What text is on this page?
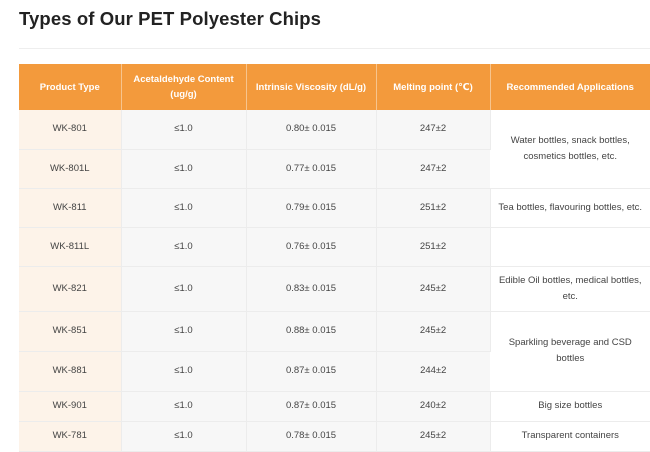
Types of Our PET Polyester Chips
Product Type	Acetaldehyde Content (ug/g)	Intrinsic Viscosity (dL/g)	Melting point (℃)	Recommended Applications
WK-801	≤1.0	0.80± 0.015	247±2	Water bottles, snack bottles, cosmetics bottles, etc.
WK-801L	≤1.0	0.77± 0.015	247±2	
WK-811	≤1.0	0.79± 0.015	251±2	Tea bottles, flavouring bottles, etc.
WK-811L	≤1.0	0.76± 0.015	251±2	
WK-821	≤1.0	0.83± 0.015	245±2	Edible Oil bottles, medical bottles, etc.
WK-851	≤1.0	0.88± 0.015	245±2	Sparkling beverage and CSD bottles
WK-881	≤1.0	0.87± 0.015	244±2	
WK-901	≤1.0	0.87± 0.015	240±2	Big size bottles
WK-781	≤1.0	0.78± 0.015	245±2	Transparent containers
